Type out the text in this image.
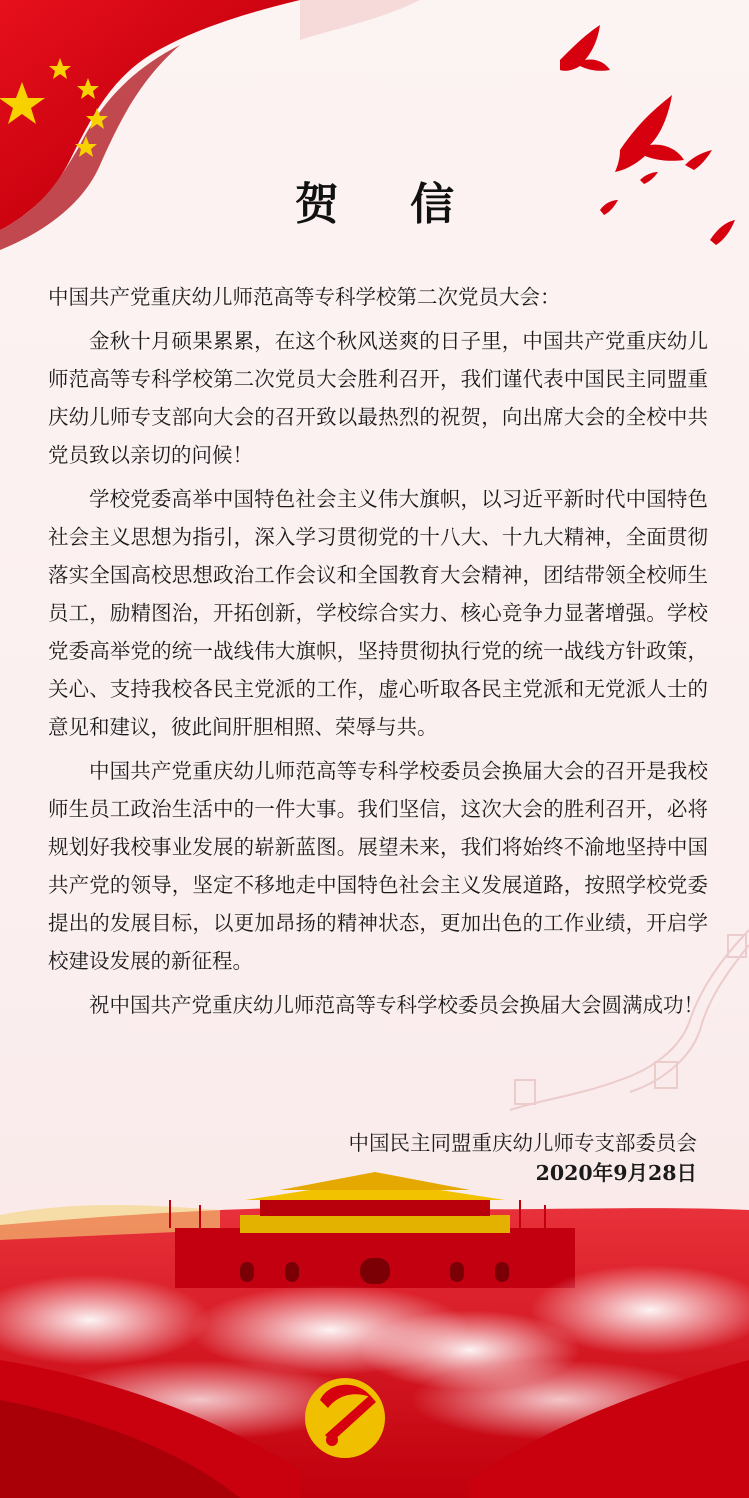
贺 信
中国共产党重庆幼儿师范高等专科学校第二次党员大会：

金秋十月硕果累累，在这个秋风送爽的日子里，中国共产党重庆幼儿师范高等专科学校第二次党员大会胜利召开，我们谨代表中国民主同盟重庆幼儿师专支部向大会的召开致以最热烈的祝贺，向出席大会的全校中共党员致以亲切的问候！

学校党委高举中国特色社会主义伟大旗帜，以习近平新时代中国特色社会主义思想为指引，深入学习贯彻党的十八大、十九大精神，全面贯彻落实全国高校思想政治工作会议和全国教育大会精神，团结带领全校师生员工，励精图治，开拓创新，学校综合实力、核心竞争力显著增强。学校党委高举党的统一战线伟大旗帜，坚持贯彻执行党的统一战线方针政策，关心、支持我校各民主党派的工作，虚心听取各民主党派和无党派人士的意见和建议，彼此间肝胆相照、荣辱与共。

中国共产党重庆幼儿师范高等专科学校委员会换届大会的召开是我校师生员工政治生活中的一件大事。我们坚信，这次大会的胜利召开，必将规划好我校事业发展的崭新蓝图。展望未来，我们将始终不渝地坚持中国共产党的领导，坚定不移地走中国特色社会主义发展道路，按照学校党委提出的发展目标，以更加昂扬的精神状态，更加出色的工作业绩，开启学校建设发展的新征程。

祝中国共产党重庆幼儿师范高等专科学校委员会换届大会圆满成功！

中国民主同盟重庆幼儿师专支部委员会
2020年9月28日
